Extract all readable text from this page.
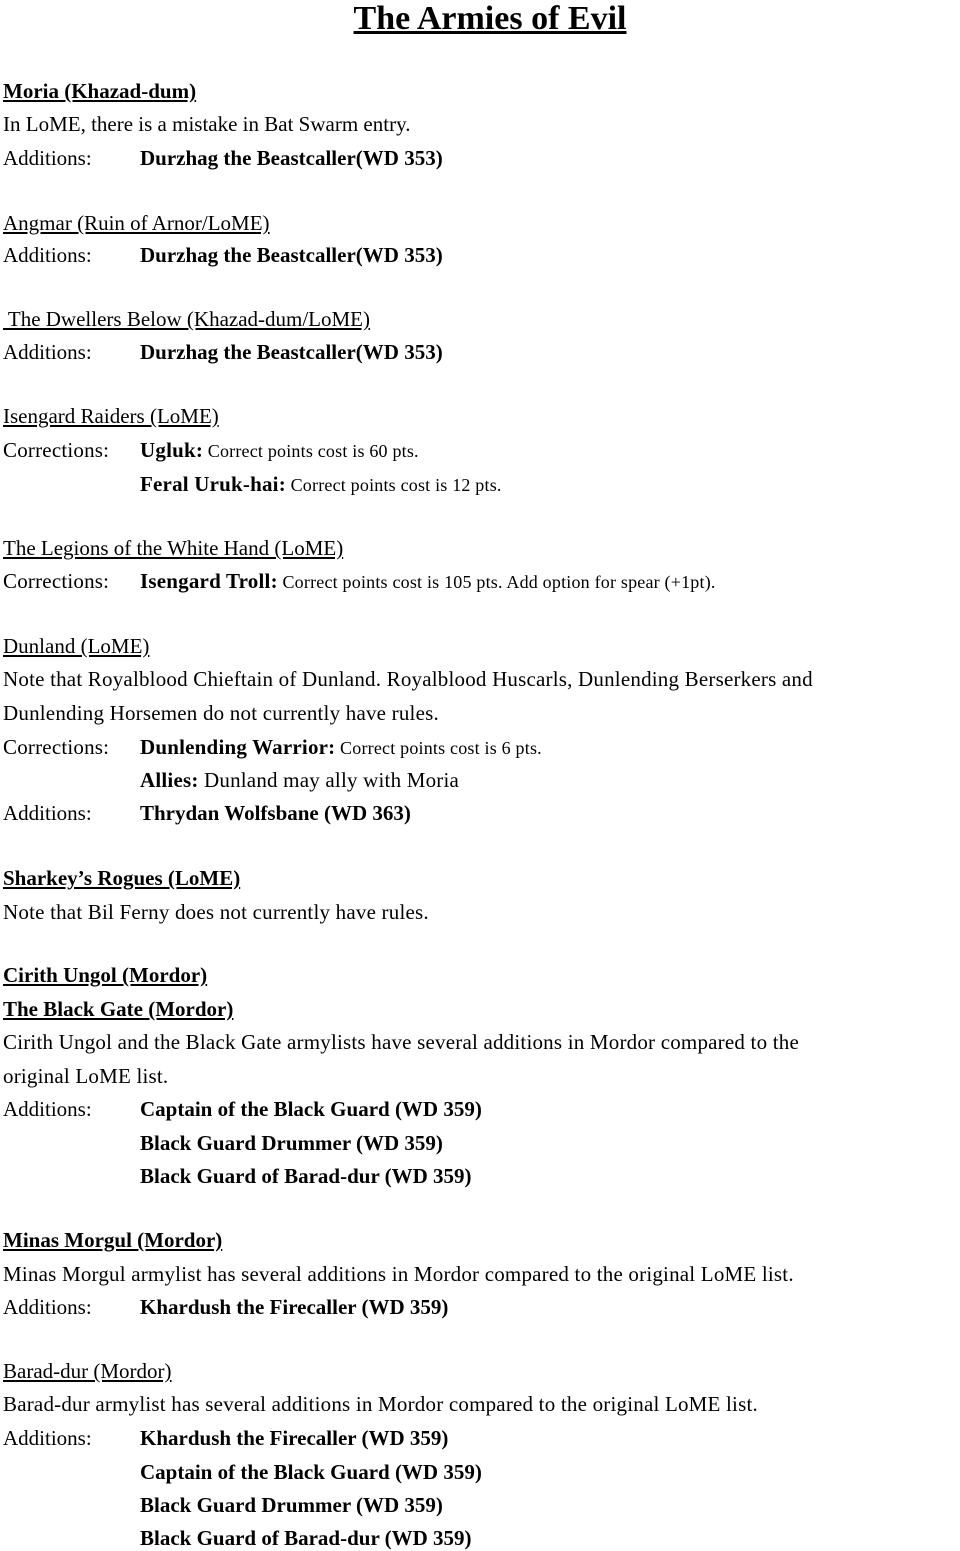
The Armies of Evil
Moria (Khazad-dum)
In LoME, there is a mistake in Bat Swarm entry.
Additions: Durzhag the Beastcaller(WD 353)
Angmar (Ruin of Arnor/LoME)
Additions: Durzhag the Beastcaller(WD 353)
The Dwellers Below (Khazad-dum/LoME)
Additions: Durzhag the Beastcaller(WD 353)
Isengard Raiders (LoME)
Corrections: Ugluk: Correct points cost is 60 pts.
Feral Uruk-hai: Correct points cost is 12 pts.
The Legions of the White Hand (LoME)
Corrections: Isengard Troll: Correct points cost is 105 pts. Add option for spear (+1pt).
Dunland (LoME)
Note that Royalblood Chieftain of Dunland. Royalblood Huscarls, Dunlending Berserkers and
Dunlending Horsemen do not currently have rules.
Corrections: Dunlending Warrior: Correct points cost is 6 pts.
Allies: Dunland may ally with Moria
Additions: Thrydan Wolfsbane (WD 363)
Sharkey’s Rogues (LoME)
Note that Bil Ferny does not currently have rules.
Cirith Ungol (Mordor)
The Black Gate (Mordor)
Cirith Ungol and the Black Gate armylists have several additions in Mordor compared to the
original LoME list.
Additions: Captain of the Black Guard (WD 359)
Black Guard Drummer (WD 359)
Black Guard of Barad-dur (WD 359)
Minas Morgul (Mordor)
Minas Morgul armylist has several additions in Mordor compared to the original LoME list.
Additions: Khardush the Firecaller (WD 359)
Barad-dur (Mordor)
Barad-dur armylist has several additions in Mordor compared to the original LoME list.
Additions: Khardush the Firecaller (WD 359)
Captain of the Black Guard (WD 359)
Black Guard Drummer (WD 359)
Black Guard of Barad-dur (WD 359)
